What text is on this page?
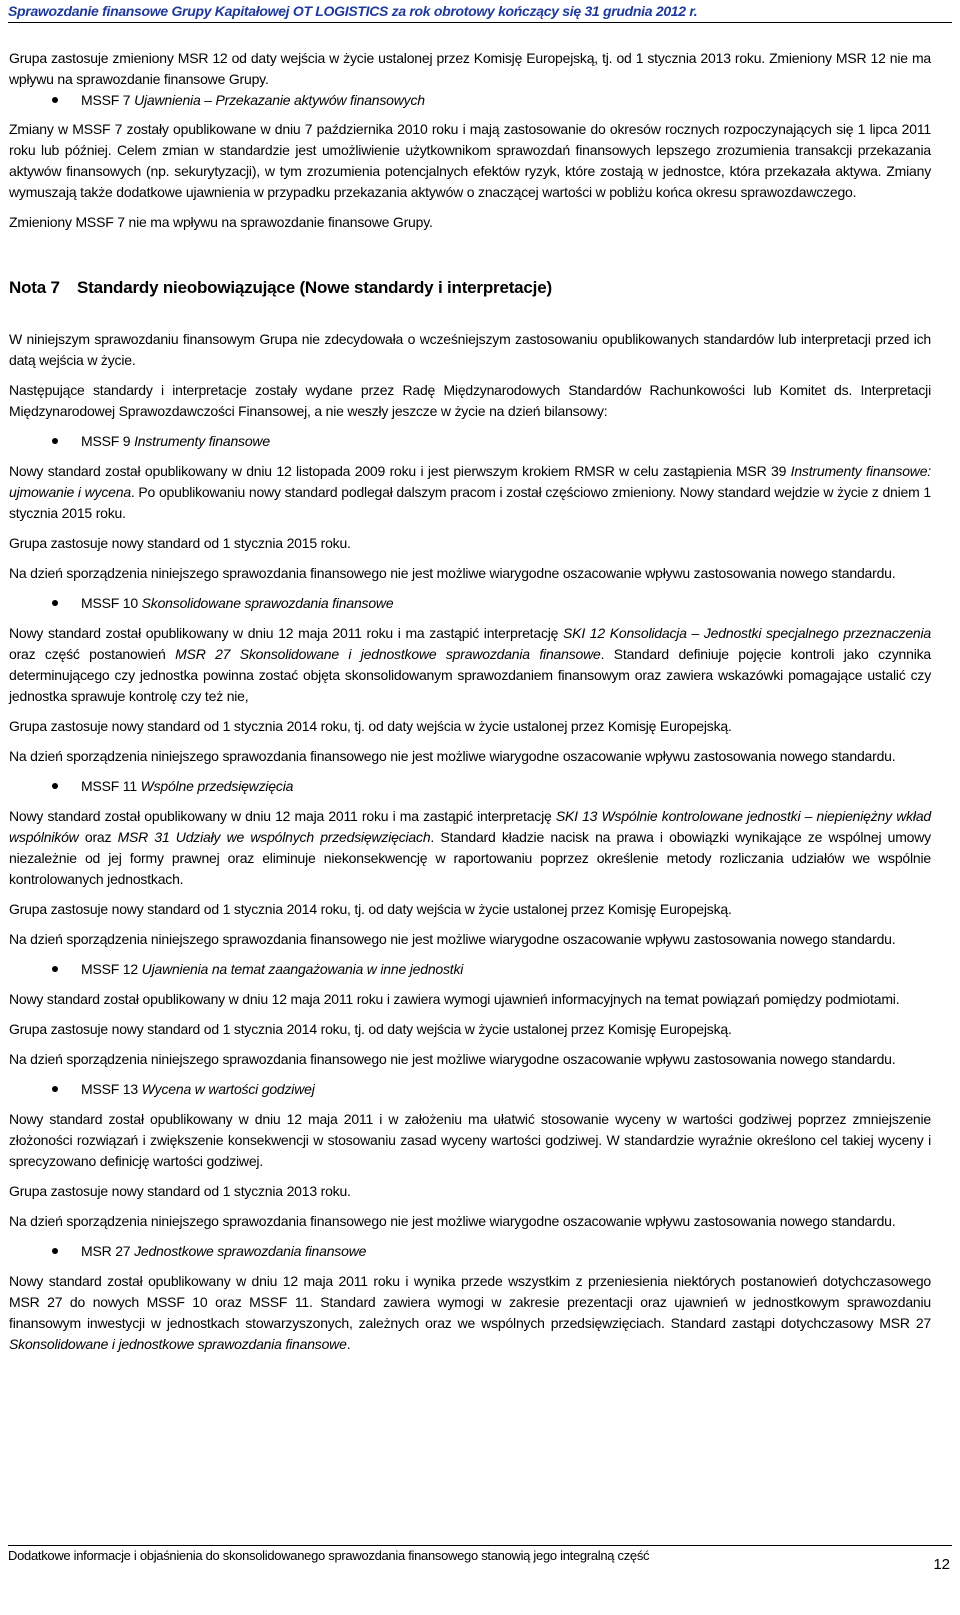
Sprawozdanie finansowe Grupy Kapitałowej OT LOGISTICS za rok obrotowy kończący się 31 grudnia 2012 r.

Grupa zastosuje zmieniony MSR 12 od daty wejścia w życie ustalonej przez Komisję Europejską, tj. od 1 stycznia 2013 roku. Zmieniony MSR 12 nie ma wpływu na sprawozdanie finansowe Grupy.

MSSF 7 Ujawnienia – Przekazanie aktywów finansowych

Zmiany w MSSF 7 zostały opublikowane w dniu 7 października 2010 roku i mają zastosowanie do okresów rocznych rozpoczynających się 1 lipca 2011 roku lub później. Celem zmian w standardzie jest umożliwienie użytkownikom sprawozdań finansowych lepszego zrozumienia transakcji przekazania aktywów finansowych (np. sekurytyzacji), w tym zrozumienia potencjalnych efektów ryzyk, które zostają w jednostce, która przekazała aktywa. Zmiany wymuszają także dodatkowe ujawnienia w przypadku przekazania aktywów o znaczącej wartości w pobliżu końca okresu sprawozdawczego.

Zmieniony MSSF 7 nie ma wpływu na sprawozdanie finansowe Grupy.

Nota 7	Standardy nieobowiązujące (Nowe standardy i interpretacje)

W niniejszym sprawozdaniu finansowym Grupa nie zdecydowała o wcześniejszym zastosowaniu opublikowanych standardów lub interpretacji przed ich datą wejścia w życie.

Następujące standardy i interpretacje zostały wydane przez Radę Międzynarodowych Standardów Rachunkowości lub Komitet ds. Interpretacji Międzynarodowej Sprawozdawczości Finansowej, a nie weszły jeszcze w życie na dzień bilansowy:

MSSF 9 Instrumenty finansowe

Nowy standard został opublikowany w dniu 12 listopada 2009 roku i jest pierwszym krokiem RMSR w celu zastąpienia MSR 39 Instrumenty finansowe: ujmowanie i wycena. Po opublikowaniu nowy standard podlegał dalszym pracom i został częściowo zmieniony. Nowy standard wejdzie w życie z dniem 1 stycznia 2015 roku.

Grupa zastosuje nowy standard od 1 stycznia 2015 roku.

Na dzień sporządzenia niniejszego sprawozdania finansowego nie jest możliwe wiarygodne oszacowanie wpływu zastosowania nowego standardu.

MSSF 10 Skonsolidowane sprawozdania finansowe

Nowy standard został opublikowany w dniu 12 maja 2011 roku i ma zastąpić interpretację SKI 12 Konsolidacja – Jednostki specjalnego przeznaczenia oraz część postanowień MSR 27 Skonsolidowane i jednostkowe sprawozdania finansowe. Standard definiuje pojęcie kontroli jako czynnika determinującego czy jednostka powinna zostać objęta skonsolidowanym sprawozdaniem finansowym oraz zawiera wskazówki pomagające ustalić czy jednostka sprawuje kontrolę czy też nie,

Grupa zastosuje nowy standard od 1 stycznia 2014 roku, tj. od daty wejścia w życie ustalonej przez Komisję Europejską.

Na dzień sporządzenia niniejszego sprawozdania finansowego nie jest możliwe wiarygodne oszacowanie wpływu zastosowania nowego standardu.

MSSF 11 Wspólne przedsięwzięcia

Nowy standard został opublikowany w dniu 12 maja 2011 roku i ma zastąpić interpretację SKI 13 Wspólnie kontrolowane jednostki – niepieniężny wkład wspólników oraz MSR 31 Udziały we wspólnych przedsięwzięciach. Standard kładzie nacisk na prawa i obowiązki wynikające ze wspólnej umowy niezależnie od jej formy prawnej oraz eliminuje niekonsekwencję w raportowaniu poprzez określenie metody rozliczania udziałów we wspólnie kontrolowanych jednostkach.

Grupa zastosuje nowy standard od 1 stycznia 2014 roku, tj. od daty wejścia w życie ustalonej przez Komisję Europejską.

Na dzień sporządzenia niniejszego sprawozdania finansowego nie jest możliwe wiarygodne oszacowanie wpływu zastosowania nowego standardu.

MSSF 12 Ujawnienia na temat zaangażowania w inne jednostki

Nowy standard został opublikowany w dniu 12 maja 2011 roku i zawiera wymogi ujawnień informacyjnych na temat powiązań pomiędzy podmiotami.

Grupa zastosuje nowy standard od 1 stycznia 2014 roku, tj. od daty wejścia w życie ustalonej przez Komisję Europejską.

Na dzień sporządzenia niniejszego sprawozdania finansowego nie jest możliwe wiarygodne oszacowanie wpływu zastosowania nowego standardu.

MSSF 13 Wycena w wartości godziwej

Nowy standard został opublikowany w dniu 12 maja 2011 i w założeniu ma ułatwić stosowanie wyceny w wartości godziwej poprzez zmniejszenie złożoności rozwiązań i zwiększenie konsekwencji w stosowaniu zasad wyceny wartości godziwej. W standardzie wyraźnie określono cel takiej wyceny i sprecyzowano definicję wartości godziwej.

Grupa zastosuje nowy standard od 1 stycznia 2013 roku.

Na dzień sporządzenia niniejszego sprawozdania finansowego nie jest możliwe wiarygodne oszacowanie wpływu zastosowania nowego standardu.

MSR 27 Jednostkowe sprawozdania finansowe

Nowy standard został opublikowany w dniu 12 maja 2011 roku i wynika przede wszystkim z przeniesienia niektórych postanowień dotychczasowego MSR 27 do nowych MSSF 10 oraz MSSF 11. Standard zawiera wymogi w zakresie prezentacji oraz ujawnień w jednostkowym sprawozdaniu finansowym inwestycji w jednostkach stowarzyszonych, zależnych oraz we wspólnych przedsięwzięciach. Standard zastąpi dotychczasowy MSR 27 Skonsolidowane i jednostkowe sprawozdania finansowe.

Dodatkowe informacje i objaśnienia do skonsolidowanego sprawozdania finansowego stanowią jego integralną część
12
